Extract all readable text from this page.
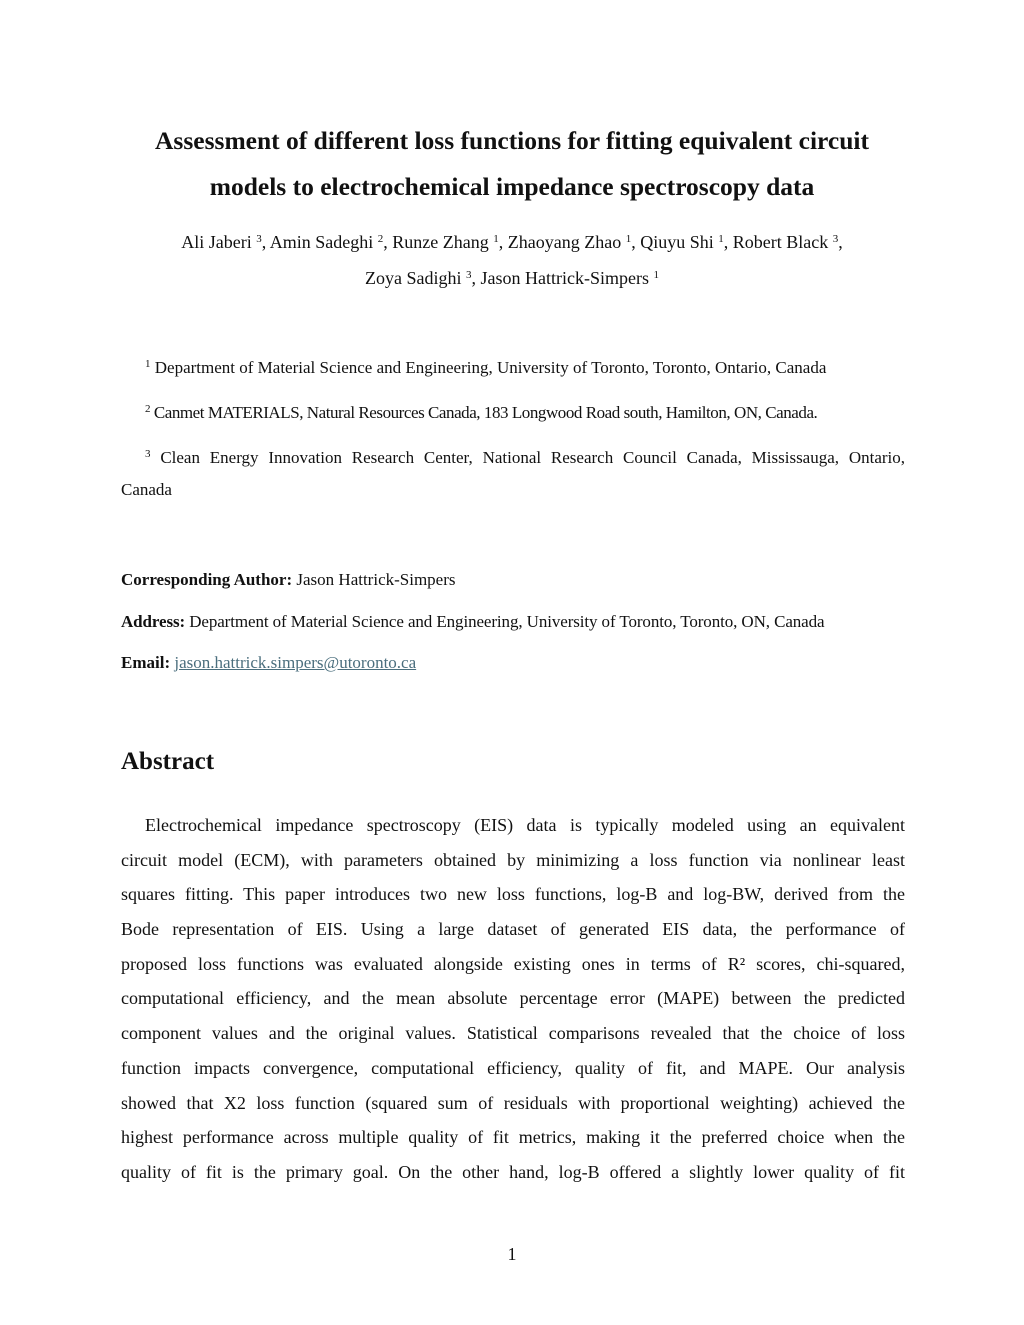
Assessment of different loss functions for fitting equivalent circuit
models to electrochemical impedance spectroscopy data
Ali Jaberi $^3$, Amin Sadeghi $^2$, Runze Zhang $^1$, Zhaoyang Zhao $^1$, Qiuyu Shi $^1$, Robert Black $^3$,
Zoya Sadighi $^3$, Jason Hattrick-Simpers $^1$
$^1$ Department of Material Science and Engineering, University of Toronto, Toronto, Ontario, Canada
$^2$ Canmet MATERIALS, Natural Resources Canada, 183 Longwood Road south, Hamilton, ON, Canada.
$^3$ Clean Energy Innovation Research Center, National Research Council Canada, Mississauga, Ontario,
Canada
Corresponding Author: Jason Hattrick-Simpers
Address: Department of Material Science and Engineering, University of Toronto, Toronto, ON, Canada
Email: jason.hattrick.simpers@utoronto.ca
Abstract
Electrochemical impedance spectroscopy (EIS) data is typically modeled using an equivalent
circuit model (ECM), with parameters obtained by minimizing a loss function via nonlinear least
squares fitting. This paper introduces two new loss functions, log-B and log-BW, derived from the
Bode representation of EIS. Using a large dataset of generated EIS data, the performance of
proposed loss functions was evaluated alongside existing ones in terms of R² scores, chi-squared,
computational efficiency, and the mean absolute percentage error (MAPE) between the predicted
component values and the original values. Statistical comparisons revealed that the choice of loss
function impacts convergence, computational efficiency, quality of fit, and MAPE. Our analysis
showed that X2 loss function (squared sum of residuals with proportional weighting) achieved the
highest performance across multiple quality of fit metrics, making it the preferred choice when the
quality of fit is the primary goal. On the other hand, log-B offered a slightly lower quality of fit
1
